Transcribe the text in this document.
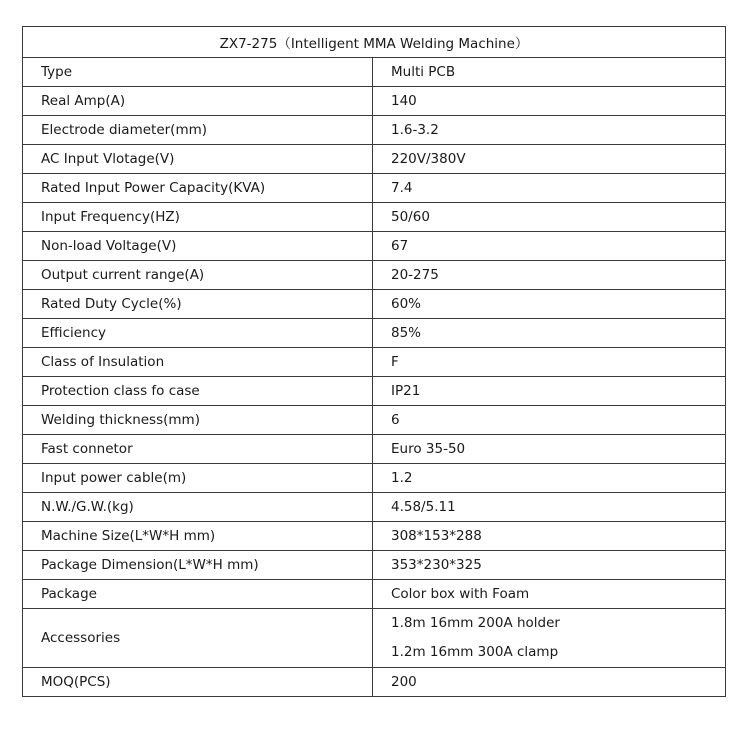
ZX7-275（Intelligent MMA Welding Machine）	
Type	Multi PCB
Real Amp(A)	140
Electrode diameter(mm)	1.6-3.2
AC Input Vlotage(V)	220V/380V
Rated Input Power Capacity(KVA)	7.4
Input Frequency(HZ)	50/60
Non-load Voltage(V)	67
Output current range(A)	20-275
Rated Duty Cycle(%)	60%
Efficiency	85%
Class of Insulation	F
Protection class fo case	IP21
Welding thickness(mm)	6
Fast connetor	Euro 35-50
Input power cable(m)	1.2
N.W./G.W.(kg)	4.58/5.11
Machine Size(L*W*H mm)	308*153*288
Package Dimension(L*W*H mm)	353*230*325
Package	Color box with Foam
Accessories	1.8m 16mm 200A holder
1.2m 16mm 300A clamp

MOQ(PCS)	200
